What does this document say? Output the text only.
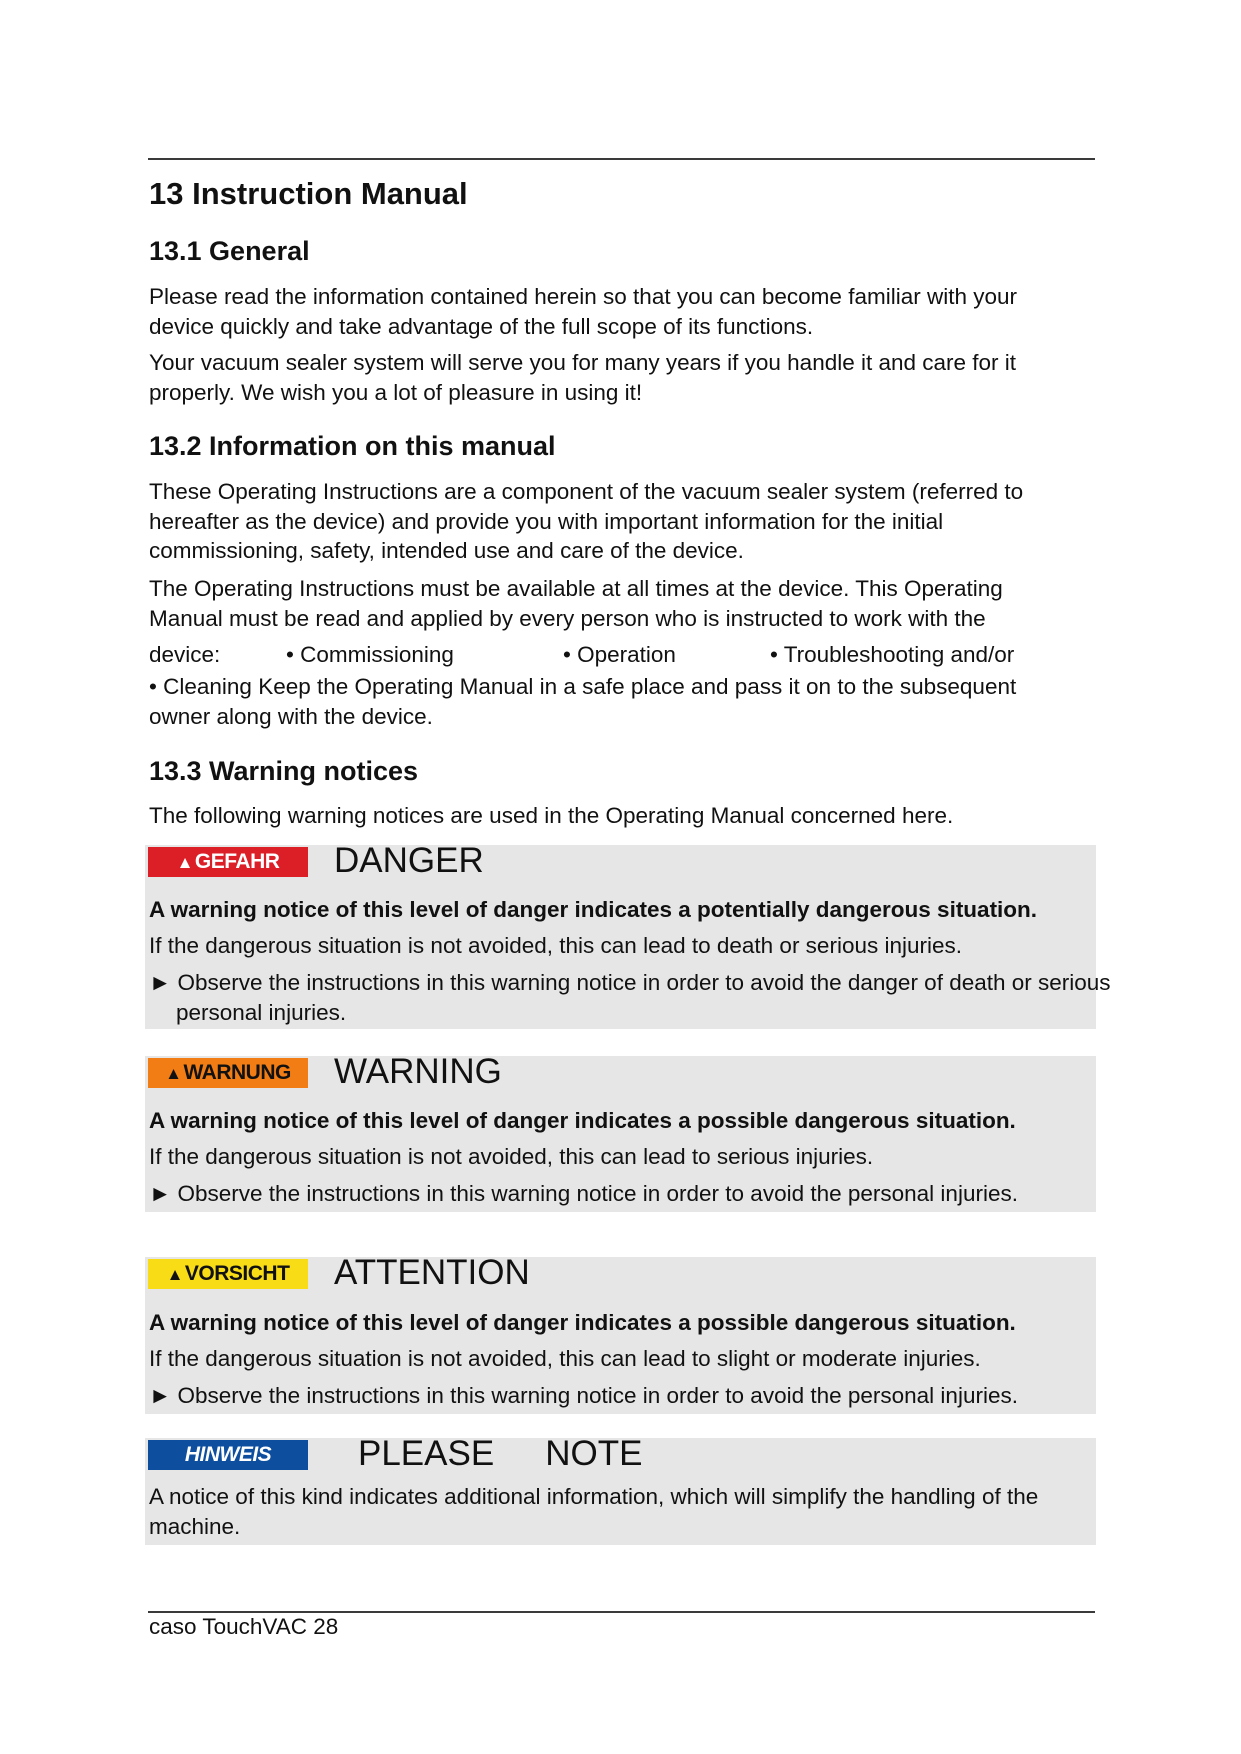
13 Instruction Manual
13.1 General

Please read the information contained herein so that you can become familiar with your device quickly and take advantage of the full scope of its functions.

Your vacuum sealer system will serve you for many years if you handle it and care for it properly. We wish you a lot of pleasure in using it!

13.2 Information on this manual

These Operating Instructions are a component of the vacuum sealer system (referred to hereafter as the device) and provide you with important information for the initial commissioning, safety, intended use and care of the device.

The Operating Instructions must be available at all times at the device. This Operating Manual must be read and applied by every person who is instructed to work with the

device:	• Commissioning	• Operation	• Troubleshooting and/or

• Cleaning Keep the Operating Manual in a safe place and pass it on to the subsequent owner along with the device.

13.3 Warning notices

The following warning notices are used in the Operating Manual concerned here.

▲GEFAHR	DANGER
A warning notice of this level of danger indicates a potentially dangerous situation.
If the dangerous situation is not avoided, this can lead to death or serious injuries.
► Observe the instructions in this warning notice in order to avoid the danger of death or serious personal injuries.
▲WARNUNG	WARNING
A warning notice of this level of danger indicates a possible dangerous situation.
If the dangerous situation is not avoided, this can lead to serious injuries.
► Observe the instructions in this warning notice in order to avoid the personal injuries.
▲VORSICHT	ATTENTION
A warning notice of this level of danger indicates a possible dangerous situation.
If the dangerous situation is not avoided, this can lead to slight or moderate injuries.
► Observe the instructions in this warning notice in order to avoid the personal injuries.
HINWEIS	PLEASE NOTE
A notice of this kind indicates additional information, which will simplify the handling of the machine.
caso TouchVAC 28
